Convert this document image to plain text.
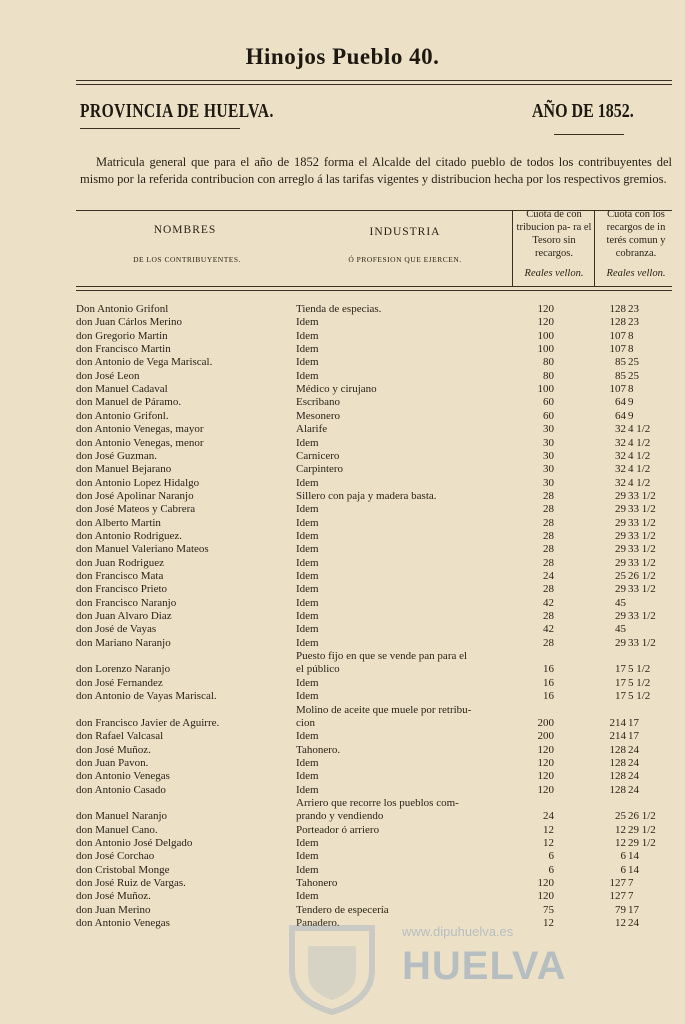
Hinojos Pueblo 40.
PROVINCIA DE HUELVA.	AÑO DE 1852.
Matricula general que para el año de 1852 forma el Alcalde del citado pueblo de todos los contribuyentes del mismo por la referida contribucion con arreglo á las tarifas vigentes y distribucion hecha por los respectivos gremios.
NOMBRES
DE LOS CONTRIBUYENTES.
INDUSTRIA
Ó PROFESION QUE EJERCEN.
Cuota de con tribucion pa- ra el Tesoro sin recargos.
Reales vellon.
Cuota con los recargos de in terés comun y cobranza.
Reales vellon.
Don Antonio Grifonl	Tienda de especias.	120	128 23
don Juan Cárlos Merino	Idem	120	128 23
don Gregorio Martin	Idem	100	107 8
don Francisco Martin	Idem	100	107 8
don Antonio de Vega Mariscal.	Idem	80	85 25
don José Leon	Idem	80	85 25
don Manuel Cadaval	Médico y cirujano	100	107 8
don Manuel de Páramo.	Escribano	60	64 9
don Antonio Grifonl.	Mesonero	60	64 9
don Antonio Venegas, mayor	Alarife	30	32 4 1/2
don Antonio Venegas, menor	Idem	30	32 4 1/2
don José Guzman.	Carnicero	30	32 4 1/2
don Manuel Bejarano	Carpintero	30	32 4 1/2
don Antonio Lopez Hidalgo	Idem	30	32 4 1/2
don José Apolinar Naranjo	Sillero con paja y madera basta.	28	29 33 1/2
don José Mateos y Cabrera	Idem	28	29 33 1/2
don Alberto Martin	Idem	28	29 33 1/2
don Antonio Rodriguez.	Idem	28	29 33 1/2
don Manuel Valeriano Mateos	Idem	28	29 33 1/2
don Juan Rodriguez	Idem	28	29 33 1/2
don Francisco Mata	Idem	24	25 26 1/2
don Francisco Prieto	Idem	28	29 33 1/2
don Francisco Naranjo	Idem	42	45
don Juan Alvaro Diaz	Idem	28	29 33 1/2
don José de Vayas	Idem	42	45
don Mariano Naranjo	Idem	28	29 33 1/2
Puesto fijo en que se vende pan para el
don Lorenzo Naranjo	el público	16	17 5 1/2
don José Fernandez	Idem	16	17 5 1/2
don Antonio de Vayas Mariscal.	Idem	16	17 5 1/2
Molino de aceite que muele por retribu-
don Francisco Javier de Aguirre.	cion	200	214 17
don Rafael Valcasal	Idem	200	214 17
don José Muñoz.	Tahonero.	120	128 24
don Juan Pavon.	Idem	120	128 24
don Antonio Venegas	Idem	120	128 24
don Antonio Casado	Idem	120	128 24
Arriero que recorre los pueblos com-
don Manuel Naranjo	prando y vendiendo	24	25 26 1/2
don Manuel Cano.	Porteador ó arriero	12	12 29 1/2
don Antonio José Delgado	Idem	12	12 29 1/2
don José Corchao	Idem	6	6 14
don Cristobal Monge	Idem	6	6 14
don José Ruiz de Vargas.	Tahonero	120	127 7
don José Muñoz.	Idem	120	127 7
don Juan Merino	Tendero de especería	75	79 17
don Antonio Venegas	Panadero.	12	12 24
www.dipuhuelva.es
HUELVA
